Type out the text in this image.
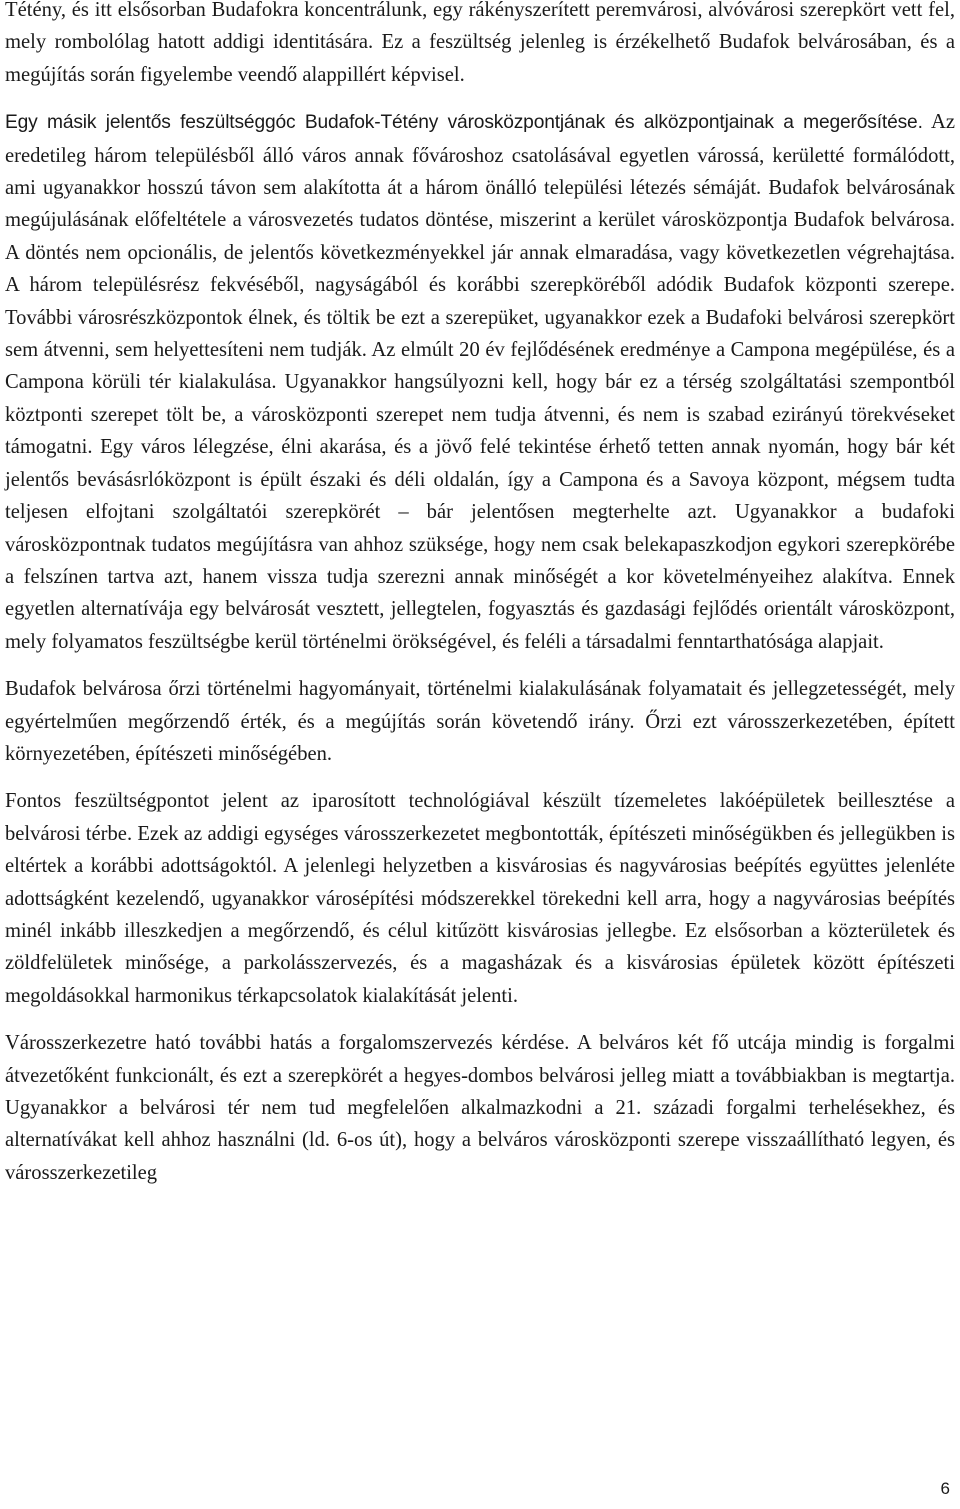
Tétény, és itt elsősorban Budafokra koncentrálunk, egy rákényszerített peremvárosi, alvóvárosi szerepkört vett fel, mely rombolólag hatott addigi identitására. Ez a feszültség jelenleg is érzékelhető Budafok belvárosában, és a megújítás során figyelembe veendő alappillért képvisel.

Egy másik jelentős feszültséggóc Budafok-Tétény városközpontjának és alközpontjainak a megerősítése. Az eredetileg három településből álló város annak fővároshoz csatolásával egyetlen várossá, kerületté formálódott, ami ugyanakkor hosszú távon sem alakította át a három önálló települési létezés sémáját. Budafok belvárosának megújulásának előfeltétele a városvezetés tudatos döntése, miszerint a kerület városközpontja Budafok belvárosa. A döntés nem opcionális, de jelentős következményekkel jár annak elmaradása, vagy következetlen végrehajtása. A három településrész fekvéséből, nagyságából és korábbi szerepköréből adódik Budafok központi szerepe. További városrészközpontok élnek, és töltik be ezt a szerepüket, ugyanakkor ezek a Budafoki belvárosi szerepkört sem átvenni, sem helyettesíteni nem tudják. Az elmúlt 20 év fejlődésének eredménye a Campona megépülése, és a Campona körüli tér kialakulása. Ugyanakkor hangsúlyozni kell, hogy bár ez a térség szolgáltatási szempontból köztponti szerepet tölt be, a városközponti szerepet nem tudja átvenni, és nem is szabad ezirányú törekvéseket támogatni. Egy város lélegzése, élni akarása, és a jövő felé tekintése érhető tetten annak nyomán, hogy bár két jelentős bevásásrlóközpont is épült északi és déli oldalán, így a Campona és a Savoya központ, mégsem tudta teljesen elfojtani szolgáltatói szerepkörét – bár jelentősen megterhelte azt. Ugyanakkor a budafoki városközpontnak tudatos megújításra van ahhoz szüksége, hogy nem csak belekapaszkodjon egykori szerepkörébe a felszínen tartva azt, hanem vissza tudja szerezni annak minőségét a kor követelményeihez alakítva. Ennek egyetlen alternatívája egy belvárosát vesztett, jellegtelen, fogyasztás és gazdasági fejlődés orientált városközpont, mely folyamatos feszültségbe kerül történelmi örökségével, és feléli a társadalmi fenntarthatósága alapjait.

Budafok belvárosa őrzi történelmi hagyományait, történelmi kialakulásának folyamatait és jellegzetességét, mely egyértelműen megőrzendő érték, és a megújítás során követendő irány. Őrzi ezt városszerkezetében, épített környezetében, építészeti minőségében.

Fontos feszültségpontot jelent az iparosított technológiával készült tízemeletes lakóépületek beillesztése a belvárosi térbe. Ezek az addigi egységes városszerkezetet megbontották, építészeti minőségükben és jellegükben is eltértek a korábbi adottságoktól. A jelenlegi helyzetben a kisvárosias és nagyvárosias beépítés együttes jelenléte adottságként kezelendő, ugyanakkor városépítési módszerekkel törekedni kell arra, hogy a nagyvárosias beépítés minél inkább illeszkedjen a megőrzendő, és célul kitűzött kisvárosias jellegbe. Ez elsősorban a közterületek és zöldfelületek minősége, a parkolásszervezés, és a magasházak és a kisvárosias épületek között építészeti megoldásokkal harmonikus térkapcsolatok kialakítását jelenti.

Városszerkezetre ható további hatás a forgalomszervezés kérdése. A belváros két fő utcája mindig is forgalmi átvezetőként funkcionált, és ezt a szerepkörét a hegyes-dombos belvárosi jelleg miatt a továbbiakban is megtartja. Ugyanakkor a belvárosi tér nem tud megfelelően alkalmazkodni a 21. századi forgalmi terhelésekhez, és alternatívákat kell ahhoz használni (ld. 6-os út), hogy a belváros városközponti szerepe visszaállítható legyen, és városszerkezetileg

6
